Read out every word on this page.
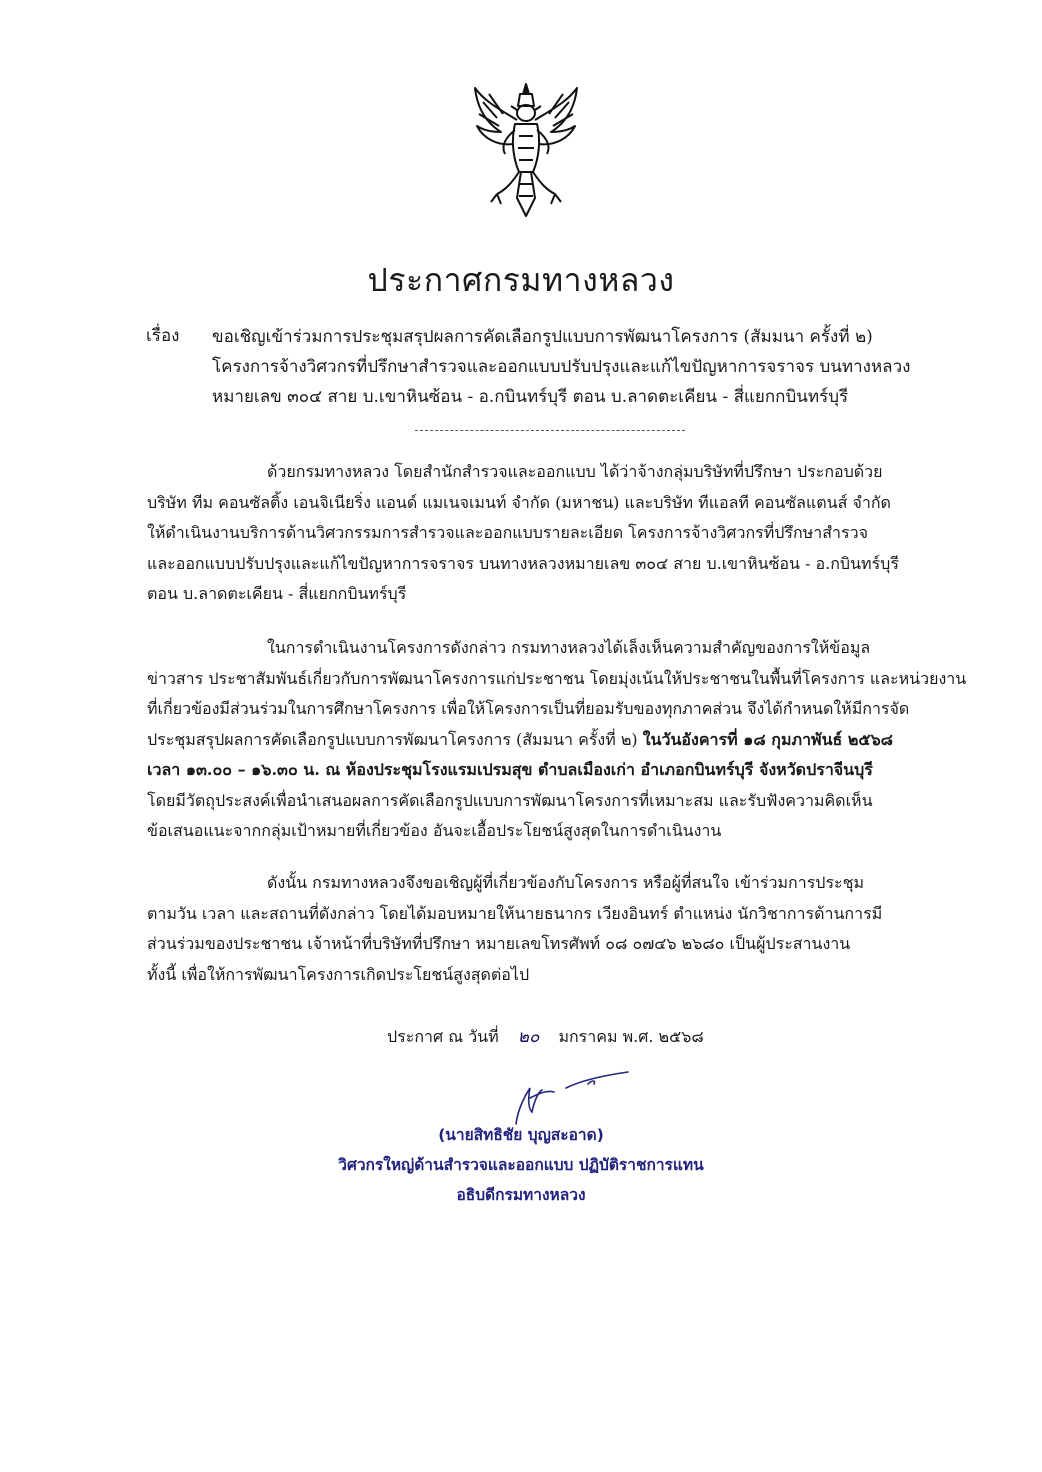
ประกาศกรมทางหลวง
เรื่อง ขอเชิญเข้าร่วมการประชุมสรุปผลการคัดเลือกรูปแบบการพัฒนาโครงการ (สัมมนา ครั้งที่ ๒)
โครงการจ้างวิศวกรที่ปรึกษาสำรวจและออกแบบปรับปรุงและแก้ไขปัญหาการจราจร บนทางหลวง
หมายเลข ๓๐๔ สาย บ.เขาหินซ้อน - อ.กบินทร์บุรี ตอน บ.ลาดตะเคียน - สี่แยกกบินทร์บุรี
ด้วยกรมทางหลวง โดยสำนักสำรวจและออกแบบ ได้ว่าจ้างกลุ่มบริษัทที่ปรึกษา ประกอบด้วย
บริษัท ทีม คอนซัลติ้ง เอนจิเนียริ่ง แอนด์ แมเนจเมนท์ จำกัด (มหาชน) และบริษัท ทีแอลที คอนซัลแตนส์ จำกัด
ให้ดำเนินงานบริการด้านวิศวกรรมการสำรวจและออกแบบรายละเอียด โครงการจ้างวิศวกรที่ปรึกษาสำรวจ
และออกแบบปรับปรุงและแก้ไขปัญหาการจราจร บนทางหลวงหมายเลข ๓๐๔ สาย บ.เขาหินซ้อน - อ.กบินทร์บุรี
ตอน บ.ลาดตะเคียน - สี่แยกกบินทร์บุรี
ในการดำเนินงานโครงการดังกล่าว กรมทางหลวงได้เล็งเห็นความสำคัญของการให้ข้อมูล
ข่าวสาร ประชาสัมพันธ์เกี่ยวกับการพัฒนาโครงการแก่ประชาชน โดยมุ่งเน้นให้ประชาชนในพื้นที่โครงการ และหน่วยงาน
ที่เกี่ยวข้องมีส่วนร่วมในการศึกษาโครงการ เพื่อให้โครงการเป็นที่ยอมรับของทุกภาคส่วน จึงได้กำหนดให้มีการจัด
ประชุมสรุปผลการคัดเลือกรูปแบบการพัฒนาโครงการ (สัมมนา ครั้งที่ ๒) ในวันอังคารที่ ๑๘ กุมภาพันธ์ ๒๕๖๘
เวลา ๑๓.๐๐ – ๑๖.๓๐ น. ณ ห้องประชุมโรงแรมเปรมสุข ตำบลเมืองเก่า อำเภอกบินทร์บุรี จังหวัดปราจีนบุรี
โดยมีวัตถุประสงค์เพื่อนำเสนอผลการคัดเลือกรูปแบบการพัฒนาโครงการที่เหมาะสม และรับฟังความคิดเห็น
ข้อเสนอแนะจากกลุ่มเป้าหมายที่เกี่ยวข้อง อันจะเอื้อประโยชน์สูงสุดในการดำเนินงาน
ดังนั้น กรมทางหลวงจึงขอเชิญผู้ที่เกี่ยวข้องกับโครงการ หรือผู้ที่สนใจ เข้าร่วมการประชุม
ตามวัน เวลา และสถานที่ดังกล่าว โดยได้มอบหมายให้นายธนากร เวียงอินทร์ ตำแหน่ง นักวิชาการด้านการมี
ส่วนร่วมของประชาชน เจ้าหน้าที่บริษัทที่ปรึกษา หมายเลขโทรศัพท์ ๐๘ ๐๗๔๖ ๒๖๘๐ เป็นผู้ประสานงาน
ทั้งนี้ เพื่อให้การพัฒนาโครงการเกิดประโยชน์สูงสุดต่อไป
ประกาศ ณ วันที่ ๒๐ มกราคม พ.ศ. ๒๕๖๘
(นายสิทธิชัย บุญสะอาด)
วิศวกรใหญ่ด้านสำรวจและออกแบบ ปฏิบัติราชการแทน
อธิบดีกรมทางหลวง
